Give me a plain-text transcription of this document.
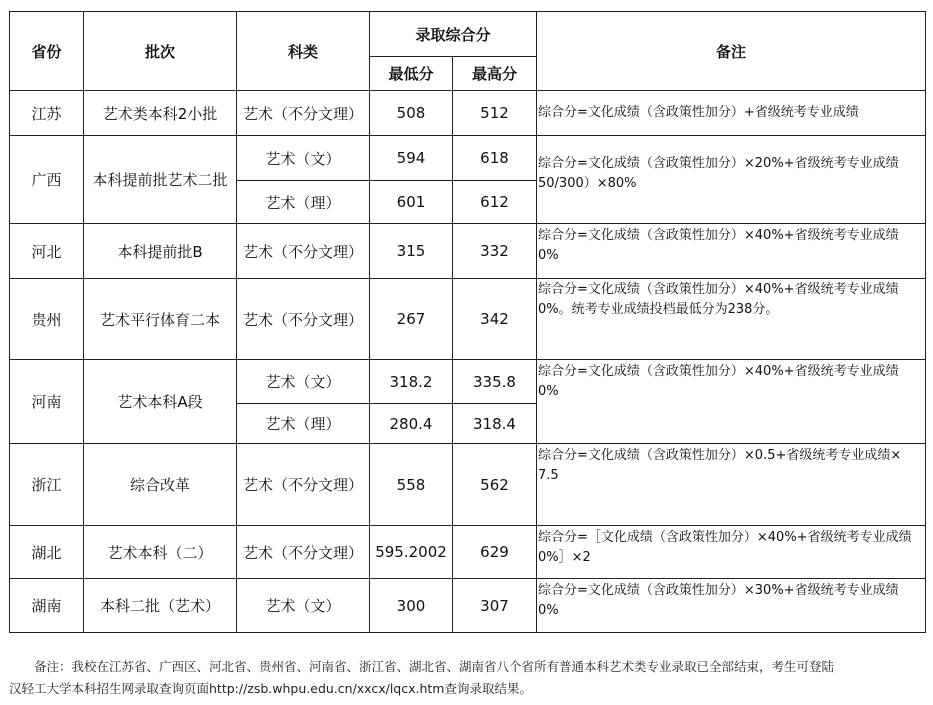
省份	批次	科类	录取综合分		备注
			最低分	最高分	
江苏	艺术类本科2小批	艺术（不分文理）	508	512	综合分=文化成绩（含政策性加分）+省级统考专业成绩

广西	本科提前批艺术二批	艺术（文）	594	618	综合分=文化成绩（含政策性加分）×20%+省级统考专业成绩
50/300）×80%

		艺术（理）	601	612	
河北	本科提前批B	艺术（不分文理）	315	332	综合分=文化成绩（含政策性加分）×40%+省级统考专业成绩
0%

贵州	艺术平行体育二本	艺术（不分文理）	267	342	综合分=文化成绩（含政策性加分）×40%+省级统考专业成绩
0%。统考专业成绩投档最低分为238分。

河南	艺术本科A段	艺术（文）	318.2	335.8	综合分=文化成绩（含政策性加分）×40%+省级统考专业成绩
0%

		艺术（理）	280.4	318.4	
浙江	综合改革	艺术（不分文理）	558	562	综合分=文化成绩（含政策性加分）×0.5+省级统考专业成绩×
7.5

湖北	艺术本科（二）	艺术（不分文理）	595.2002	629	综合分=［文化成绩（含政策性加分）×40%+省级统考专业成绩
0%］×2

湖南	本科二批（艺术）	艺术（文）	300	307	综合分=文化成绩（含政策性加分）×30%+省级统考专业成绩
0%
备注：我校在江苏省、广西区、河北省、贵州省、河南省、浙江省、湖北省、湖南省八个省所有普通本科艺术类专业录取已全部结束，考生可登陆
汉轻工大学本科招生网录取查询页面http://zsb.whpu.edu.cn/xxcx/lqcx.htm查询录取结果。
